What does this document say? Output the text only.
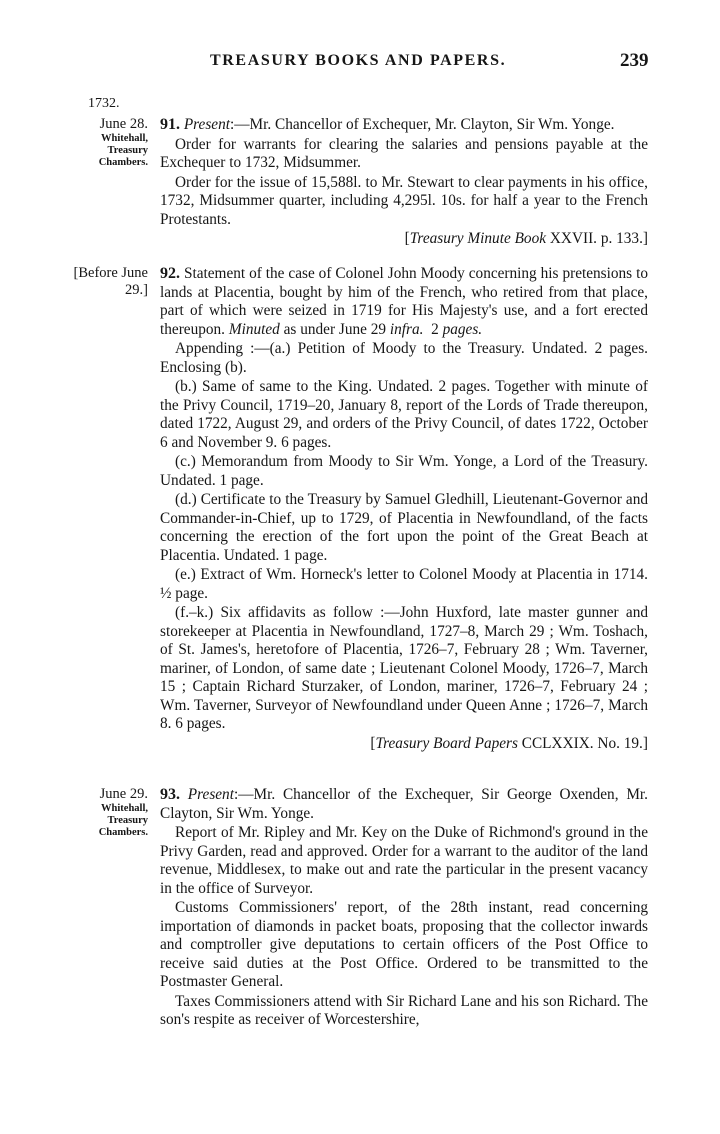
TREASURY BOOKS AND PAPERS.	239
1732.
June 28.
Whitehall,
Treasury
Chambers.

91. Present:—Mr. Chancellor of Exchequer, Mr. Clayton, Sir Wm. Yonge.

Order for warrants for clearing the salaries and pensions payable at the Exchequer to 1732, Midsummer.

Order for the issue of 15,588l. to Mr. Stewart to clear payments in his office, 1732, Midsummer quarter, including 4,295l. 10s. for half a year to the French Protestants.

[Treasury Minute Book XXVII. p. 133.]

[Before June 29.]

92. Statement of the case of Colonel John Moody concerning his pretensions to lands at Placentia, bought by him of the French, who retired from that place, part of which were seized in 1719 for His Majesty's use, and a fort erected thereupon. Minuted as under June 29 infra. 2 pages.

Appending :—(a.) Petition of Moody to the Treasury. Undated. 2 pages. Enclosing (b).

(b.) Same of same to the King. Undated. 2 pages. Together with minute of the Privy Council, 1719–20, January 8, report of the Lords of Trade thereupon, dated 1722, August 29, and orders of the Privy Council, of dates 1722, October 6 and November 9. 6 pages.

(c.) Memorandum from Moody to Sir Wm. Yonge, a Lord of the Treasury. Undated. 1 page.

(d.) Certificate to the Treasury by Samuel Gledhill, Lieutenant-Governor and Commander-in-Chief, up to 1729, of Placentia in Newfoundland, of the facts concerning the erection of the fort upon the point of the Great Beach at Placentia. Undated. 1 page.

(e.) Extract of Wm. Horneck's letter to Colonel Moody at Placentia in 1714. ½ page.

(f.–k.) Six affidavits as follow :—John Huxford, late master gunner and storekeeper at Placentia in Newfoundland, 1727–8, March 29 ; Wm. Toshach, of St. James's, heretofore of Placentia, 1726–7, February 28 ; Wm. Taverner, mariner, of London, of same date ; Lieutenant Colonel Moody, 1726–7, March 15 ; Captain Richard Sturzaker, of London, mariner, 1726–7, February 24 ; Wm. Taverner, Surveyor of Newfoundland under Queen Anne ; 1726–7, March 8. 6 pages.

[Treasury Board Papers CCLXXIX. No. 19.]

June 29.
Whitehall,
Treasury
Chambers.

93. Present:—Mr. Chancellor of the Exchequer, Sir George Oxenden, Mr. Clayton, Sir Wm. Yonge.

Report of Mr. Ripley and Mr. Key on the Duke of Richmond's ground in the Privy Garden, read and approved. Order for a warrant to the auditor of the land revenue, Middlesex, to make out and rate the particular in the present vacancy in the office of Surveyor.

Customs Commissioners' report, of the 28th instant, read concerning importation of diamonds in packet boats, proposing that the collector inwards and comptroller give deputations to certain officers of the Post Office to receive said duties at the Post Office. Ordered to be transmitted to the Postmaster General.

Taxes Commissioners attend with Sir Richard Lane and his son Richard. The son's respite as receiver of Worcestershire,
